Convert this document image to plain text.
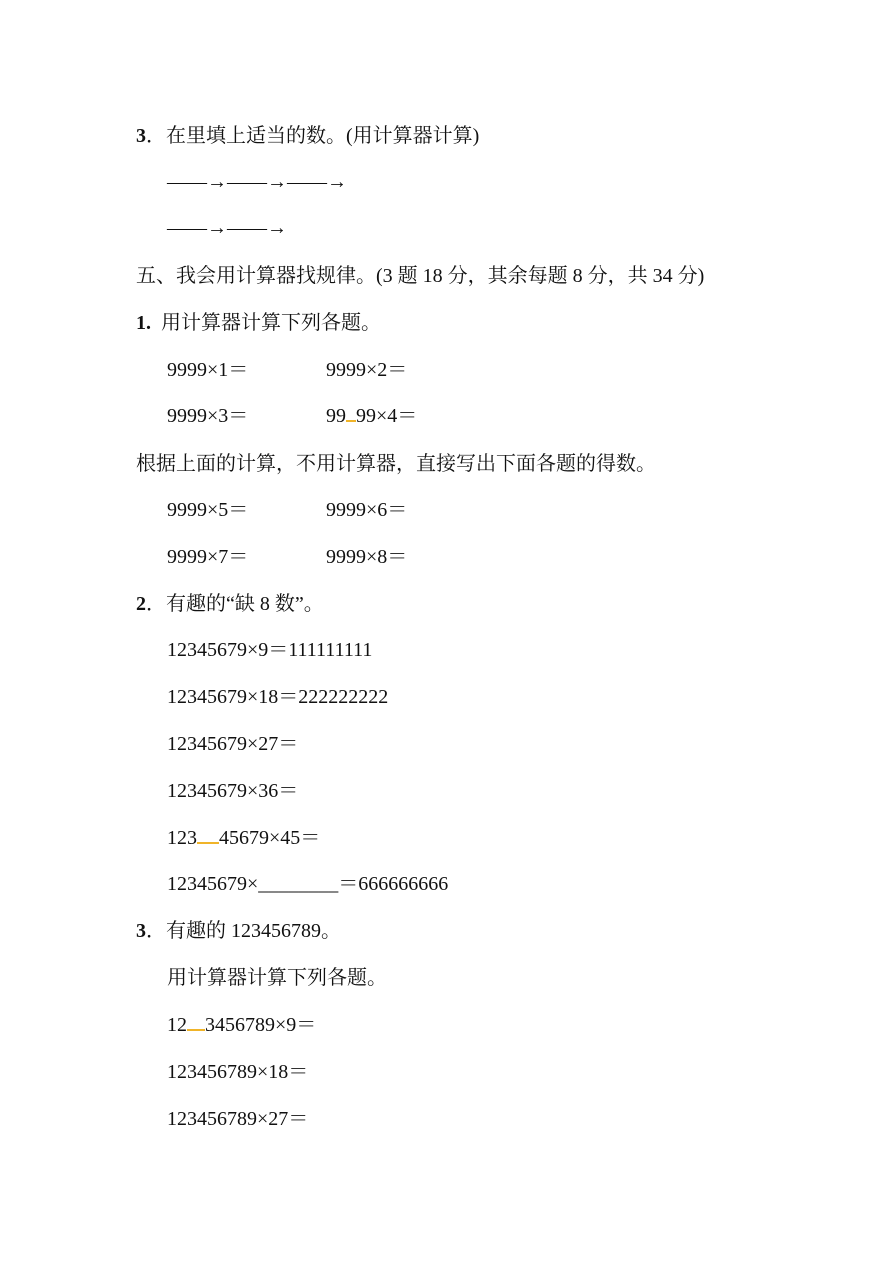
3．在里填上适当的数。(用计算器计算)
——→——→——→
——→——→
五、我会用计算器找规律。(3 题 18 分，其余每题 8 分，共 34 分)
1. 用计算器计算下列各题。
9999×1＝	9999×2＝
9999×3＝	99 99×4＝
根据上面的计算，不用计算器，直接写出下面各题的得数。
9999×5＝	9999×6＝
9999×7＝	9999×8＝
2．有趣的“缺 8 数”。
12345679×9＝111111111
12345679×18＝222222222
12345679×27＝
12345679×36＝
123 45679×45＝
12345679×________＝666666666
3．有趣的 123456789。
用计算器计算下列各题。
12 3456789×9＝
123456789×18＝
123456789×27＝
